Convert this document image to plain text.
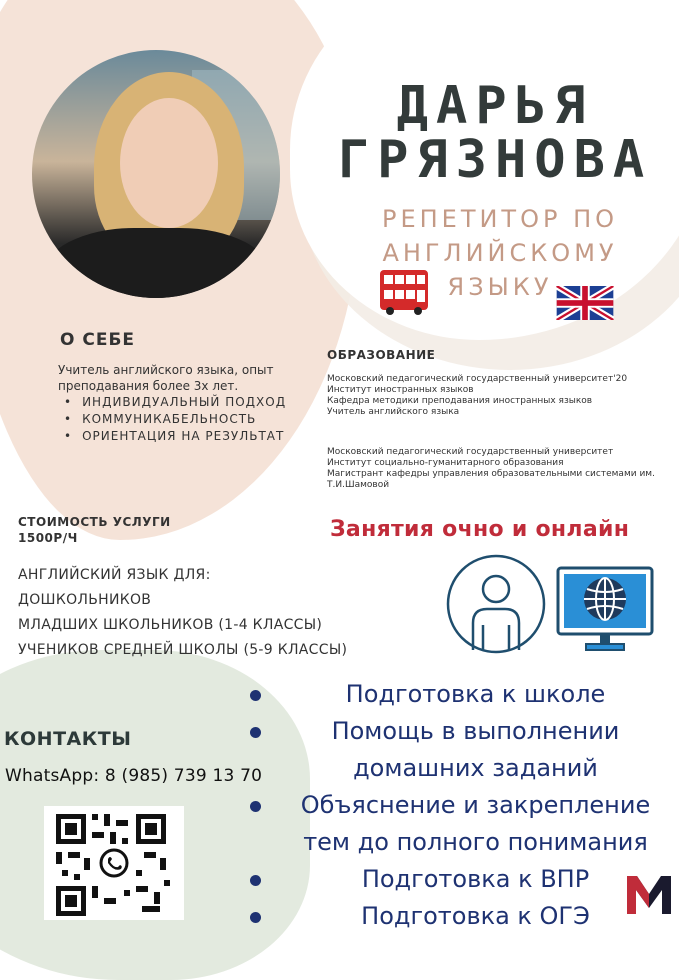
ДАРЬЯ
ГРЯЗНОВА
РЕПЕТИТОР ПО
АНГЛИЙСКОМУ
ЯЗЫКУ
О СЕБЕ
Учитель английского языка, опыт преподавания более 3х лет.
• ИНДИВИДУАЛЬНЫЙ ПОДХОД
• КОММУНИКАБЕЛЬНОСТЬ
• ОРИЕНТАЦИЯ НА РЕЗУЛЬТАТ
ОБРАЗОВАНИЕ
Московский педагогический государственный университет'20
Институт иностранных языков
Кафедра методики преподавания иностранных языков
Учитель английского языка
Московский педагогический государственный университет
Институт социально-гуманитарного образования
Магистрант кафедры управления образовательными системами им.
Т.И.Шамовой
СТОИМОСТЬ УСЛУГИ
1500Р/Ч
АНГЛИЙСКИЙ ЯЗЫК ДЛЯ:
ДОШКОЛЬНИКОВ
МЛАДШИХ ШКОЛЬНИКОВ (1-4 КЛАССЫ)
УЧЕНИКОВ СРЕДНЕЙ ШКОЛЫ (5-9 КЛАССЫ)
Занятия очно и онлайн
Подготовка к школе
Помощь в выполнении
домашних заданий
Объяснение и закрепление
тем до полного понимания
Подготовка к ВПР
Подготовка к ОГЭ
КОНТАКТЫ
WhatsApp: 8 (985) 739 13 70
